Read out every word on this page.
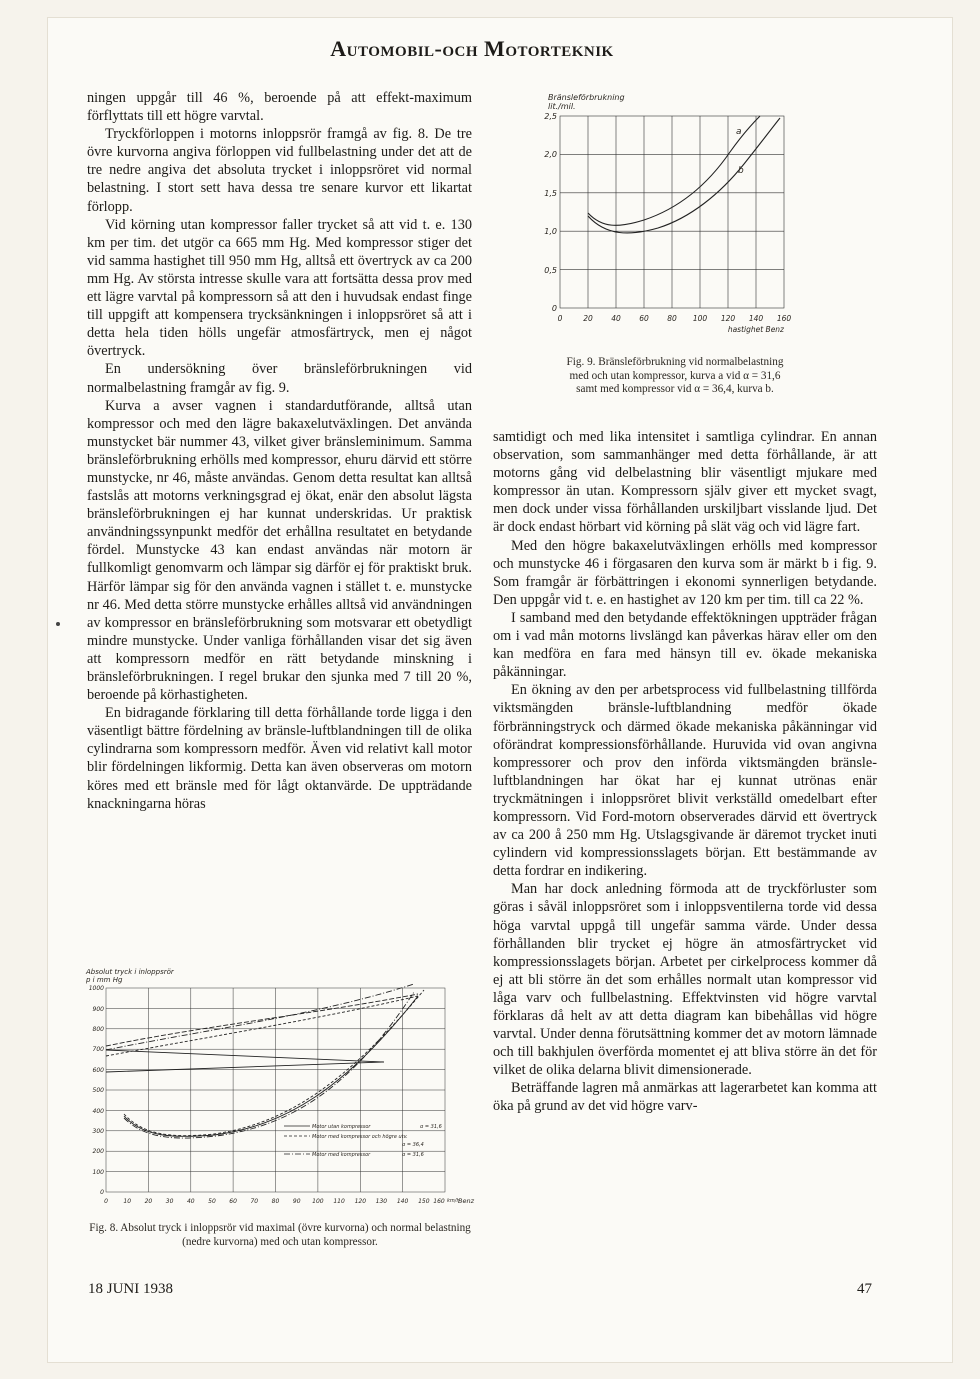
Automobil-och Motorteknik

ningen uppgår till 46 %, beroende på att effekt-maximum förflyttats till ett högre varvtal.

Tryckförloppen i motorns inloppsrör framgå av fig. 8. De tre övre kurvorna angiva förloppen vid fullbelastning under det att de tre nedre angiva det absoluta trycket i inloppsröret vid normal belastning. I stort sett hava dessa tre senare kurvor ett likartat förlopp.

Vid körning utan kompressor faller trycket så att vid t. e. 130 km per tim. det utgör ca 665 mm Hg. Med kompressor stiger det vid samma hastighet till 950 mm Hg, alltså ett övertryck av ca 200 mm Hg. Av största intresse skulle vara att fortsätta dessa prov med ett lägre varvtal på kompressorn så att den i huvudsak endast finge till uppgift att kompensera trycksänkningen i inloppsröret så att i detta hela tiden hölls ungefär atmosfärtryck, men ej något övertryck.

En undersökning över bränsleförbrukningen vid normalbelastning framgår av fig. 9.

Kurva a avser vagnen i standardutförande, alltså utan kompressor och med den lägre bakaxelutväxlingen. Det använda munstycket bär nummer 43, vilket giver bränsleminimum. Samma bränsleförbrukning erhölls med kompressor, ehuru därvid ett större munstycke, nr 46, måste användas. Genom detta resultat kan alltså fastslås att motorns verkningsgrad ej ökat, enär den absolut lägsta bränsleförbrukningen ej har kunnat underskridas. Ur praktisk användningssynpunkt medför det erhållna resultatet en betydande fördel. Munstycke 43 kan endast användas när motorn är fullkomligt genomvarm och lämpar sig därför ej för praktiskt bruk. Härför lämpar sig för den använda vagnen i stället t. e. munstycke nr 46. Med detta större munstycke erhålles alltså vid användningen av kompressor en bränsleförbrukning som motsvarar ett obetydligt mindre munstycke. Under vanliga förhållanden visar det sig även att kompressorn medför en rätt betydande minskning i bränsleförbrukningen. I regel brukar den sjunka med 7 till 20 %, beroende på körhastigheten.

En bidragande förklaring till detta förhållande torde ligga i den väsentligt bättre fördelning av bränsle-luftblandningen till de olika cylindrarna som kompressorn medför. Även vid relativt kall motor blir fördelningen likformig. Detta kan även observeras om motorn köres med ett bränsle med för lågt oktanvärde. De uppträdande knackningarna höras

Bränsleförbrukning
lit./mil.
2,5
2,0
1,5
1,0
0,5
0
0	20 40 60 80 100 120 140 160
hastighet Benz
a
b
Fig. 9. Bränsleförbrukning vid normalbelastning med och utan kompressor, kurva a vid α = 31,6 samt med kompressor vid α = 36,4, kurva b.

samtidigt och med lika intensitet i samtliga cylindrar. En annan observation, som sammanhänger med detta förhållande, är att motorns gång vid delbelastning blir väsentligt mjukare med kompressor än utan. Kompressorn själv giver ett mycket svagt, men dock under vissa förhållanden urskiljbart visslande ljud. Det är dock endast hörbart vid körning på slät väg och vid lägre fart.

Med den högre bakaxelutväxlingen erhölls med kompressor och munstycke 46 i förgasaren den kurva som är märkt b i fig. 9. Som framgår är förbättringen i ekonomi synnerligen betydande. Den uppgår vid t. e. en hastighet av 120 km per tim. till ca 22 %.

I samband med den betydande effektökningen uppträder frågan om i vad mån motorns livslängd kan påverkas härav eller om den kan medföra en fara med hänsyn till ev. ökade mekaniska påkänningar.

En ökning av den per arbetsprocess vid fullbelastning tillförda viktsmängden bränsle-luftblandning medför ökade förbränningstryck och därmed ökade mekaniska påkänningar vid oförändrat kompressionsförhållande. Huruvida vid ovan angivna kompressorer och prov den införda viktsmängden bränsle-luftblandningen har ökat har ej kunnat utrönas enär tryckmätningen i inloppsröret blivit verkställd omedelbart efter kompressorn. Vid Ford-motorn observerades därvid ett övertryck av ca 200 å 250 mm Hg. Utslagsgivande är däremot trycket inuti cylindern vid kompressionsslagets början. Ett bestämmande av detta fordrar en indikering.

Man har dock anledning förmoda att de tryckförluster som göras i såväl inloppsröret som i inloppsventilerna torde vid dessa höga varvtal uppgå till ungefär samma värde. Under dessa förhållanden blir trycket ej högre än atmosfärtrycket vid kompressionsslagets början. Arbetet per cirkelprocess kommer då ej att bli större än det som erhålles normalt utan kompressor vid låga varv och fullbelastning. Effektvinsten vid högre varvtal förklaras då helt av att detta diagram kan bibehållas vid högre varvtal. Under denna förutsättning kommer det av motorn lämnade och till bakhjulen överförda momentet ej att bliva större än det för vilket de olika delarna blivit dimensionerade.

Beträffande lagren må anmärkas att lagerarbetet kan komma att öka på grund av det vid högre varv-

Absolut tryck i inloppsrör
p i mm Hg
1000
900
800
700
600
500
400
300
200
100
0
0	10 20 30 40 50 60 70 80 90 100 110 120 130 140 150 160 km/h
Benz
Motor utan kompressor	α = 31,6
Motor med kompressor och högre utv.
α = 36,4
Motor med kompressor	α = 31,6
Fig. 8. Absolut tryck i inloppsrör vid maximal (övre kurvorna) och normal belastning (nedre kurvorna) med och utan kompressor.
18 JUNI 1938	47
